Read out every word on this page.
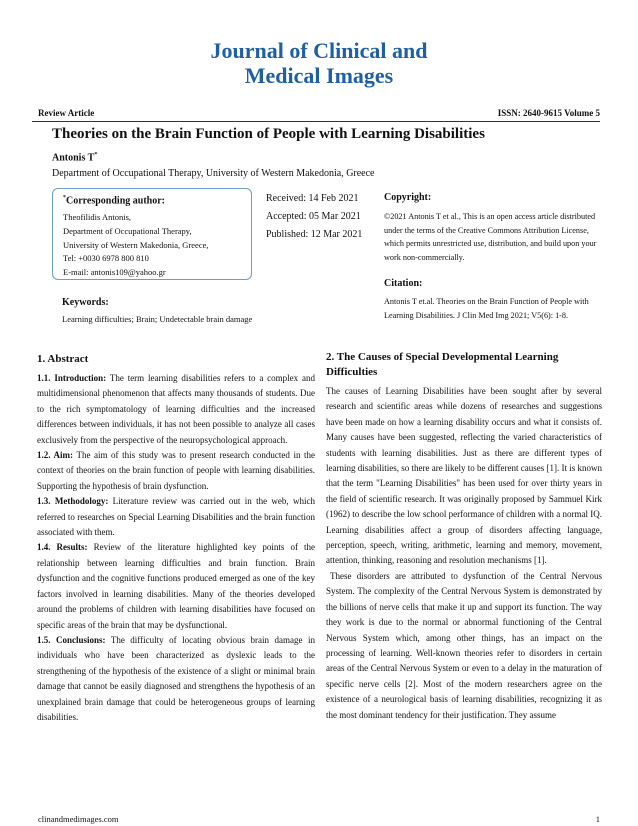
Journal of Clinical and
Medical Images
Review Article	ISSN: 2640-9615 Volume 5
Theories on the Brain Function of People with Learning Disabilities
Antonis T*
Department of Occupational Therapy, University of Western Makedonia, Greece
*Corresponding author:
Theofilidis Antonis,
Department of Occupational Therapy,
University of Western Makedonia, Greece,
Tel: +0030 6978 800 810
E-mail: antonis109@yahoo.gr
Received: 14 Feb 2021
Accepted: 05 Mar 2021
Published: 12 Mar 2021
Copyright:
©2021 Antonis T et al., This is an open access article distributed under the terms of the Creative Commons Attribution License, which permits unrestricted use, distribution, and build upon your work non-commercially.
Citation:
Antonis T et.al. Theories on the Brain Function of People with Learning Disabilities. J Clin Med Img 2021; V5(6): 1-8.
Keywords:
Learning difficulties; Brain; Undetectable brain damage
1. Abstract

1.1. Introduction: The term learning disabilities refers to a complex and multidimensional phenomenon that affects many thousands of students. Due to the rich symptomatology of learning difficulties and the increased differences between individuals, it has not been possible to analyze all cases exclusively from the perspective of the neuropsychological approach.

1.2. Aim: The aim of this study was to present research conducted in the context of theories on the brain function of people with learning disabilities. Supporting the hypothesis of brain dysfunction.

1.3. Methodology: Literature review was carried out in the web, which referred to researches on Special Learning Disabilities and the brain function associated with them.

1.4. Results: Review of the literature highlighted key points of the relationship between learning difficulties and brain function. Brain dysfunction and the cognitive functions produced emerged as one of the key factors involved in learning disabilities. Many of the theories developed around the problems of children with learning disabilities have focused on specific areas of the brain that may be dysfunctional.

1.5. Conclusions: The difficulty of locating obvious brain damage in individuals who have been characterized as dyslexic leads to the strengthening of the hypothesis of the existence of a slight or minimal brain damage that cannot be easily diagnosed and strengthens the hypothesis of an unexplained brain damage that could be heterogeneous groups of learning disabilities.

2. The Causes of Special Developmental Learning Difficulties

The causes of Learning Disabilities have been sought after by several research and scientific areas while dozens of researches and suggestions have been made on how a learning disability occurs and what it consists of. Many causes have been suggested, reflecting the varied characteristics of students with learning disabilities. Just as there are different types of learning disabilities, so there are likely to be different causes [1]. It is known that the term "Learning Disabilities" has been used for over thirty years in the field of scientific research. It was originally proposed by Sammuel Kirk (1962) to describe the low school performance of children with a normal IQ. Learning disabilities affect a group of disorders affecting language, perception, speech, writing, arithmetic, learning and memory, movement, attention, thinking, reasoning and resolution mechanisms [1].

These disorders are attributed to dysfunction of the Central Nervous System. The complexity of the Central Nervous System is demonstrated by the billions of nerve cells that make it up and support its function. The way they work is due to the normal or abnormal functioning of the Central Nervous System which, among other things, has an impact on the processing of learning. Well-known theories refer to disorders in certain areas of the Central Nervous System or even to a delay in the maturation of specific nerve cells [2]. Most of the modern researchers agree on the existence of a neurological basis of learning disabilities, recognizing it as the most dominant tendency for their justification. They assume

clinandmedimages.com	1
